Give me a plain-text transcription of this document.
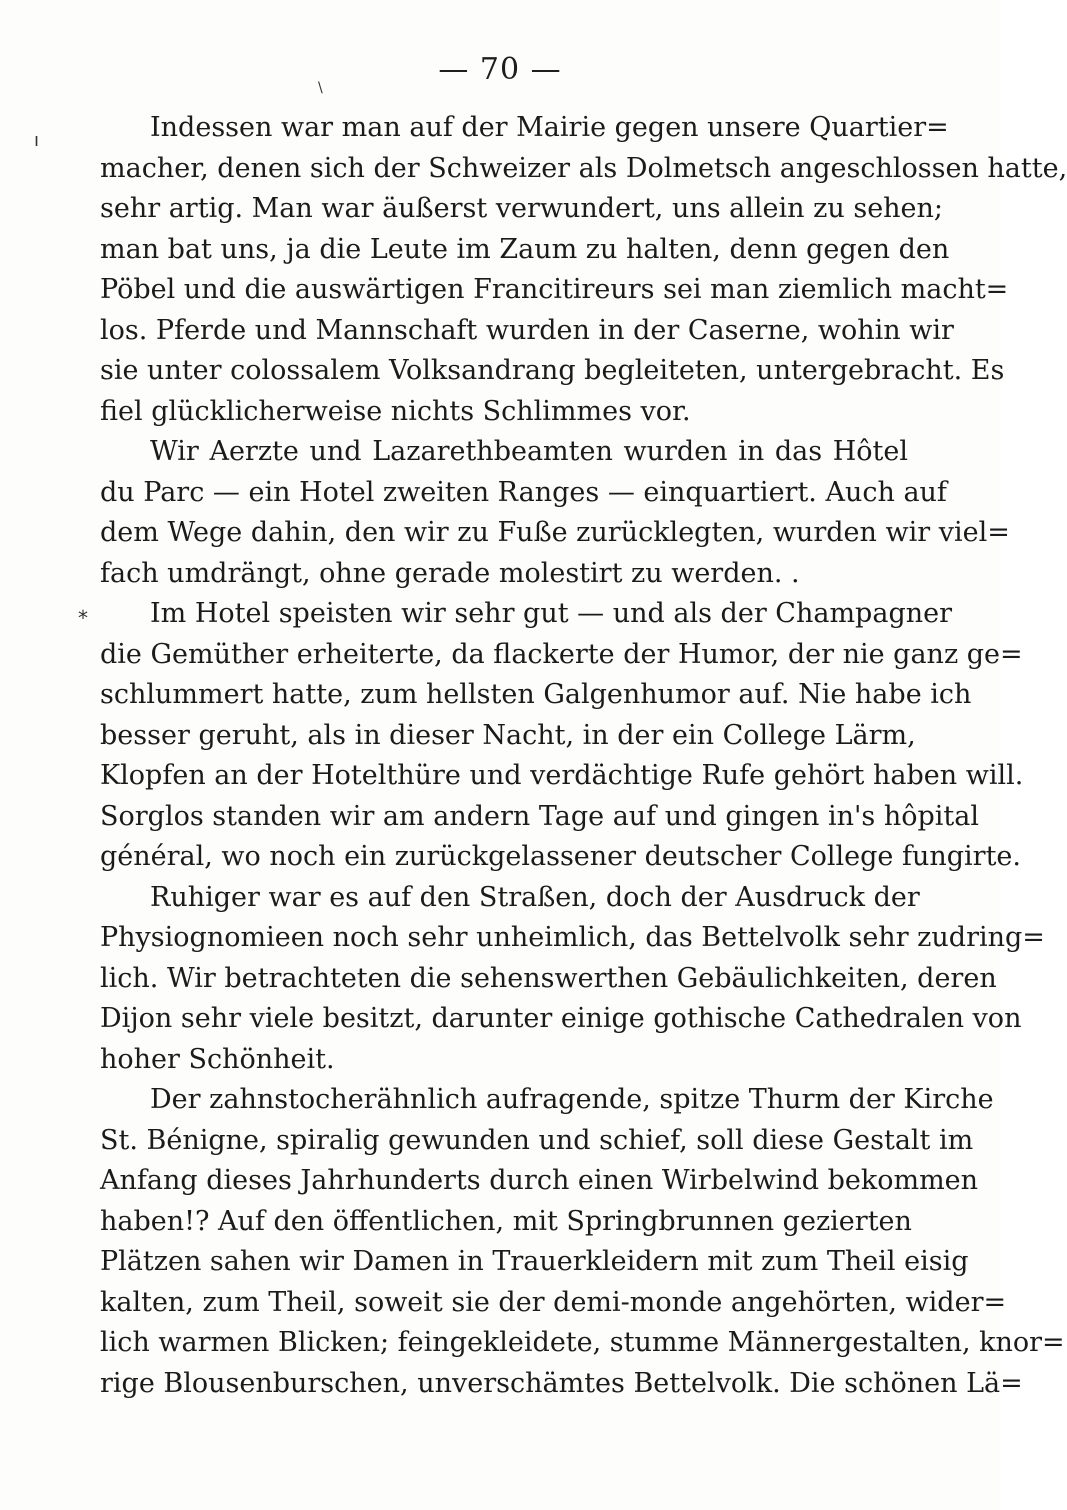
\
— 70 —
ı
*
Indessen war man auf der Mairie gegen unsere Quartier=
macher, denen sich der Schweizer als Dolmetsch angeschlossen hatte,
sehr artig. Man war äußerst verwundert, uns allein zu sehen;
man bat uns, ja die Leute im Zaum zu halten, denn gegen den
Pöbel und die auswärtigen Francitireurs sei man ziemlich macht=
los. Pferde und Mannschaft wurden in der Caserne, wohin wir
sie unter colossalem Volksandrang begleiteten, untergebracht. Es
fiel glücklicherweise nichts Schlimmes vor.
Wir Aerzte und Lazarethbeamten wurden in das Hôtel
du Parc — ein Hotel zweiten Ranges — einquartiert. Auch auf
dem Wege dahin, den wir zu Fuße zurücklegten, wurden wir viel=
fach umdrängt, ohne gerade molestirt zu werden. .
Im Hotel speisten wir sehr gut — und als der Champagner
die Gemüther erheiterte, da flackerte der Humor, der nie ganz ge=
schlummert hatte, zum hellsten Galgenhumor auf. Nie habe ich
besser geruht, als in dieser Nacht, in der ein College Lärm,
Klopfen an der Hotelthüre und verdächtige Rufe gehört haben will.
Sorglos standen wir am andern Tage auf und gingen in's hôpital
général, wo noch ein zurückgelassener deutscher College fungirte.
Ruhiger war es auf den Straßen, doch der Ausdruck der
Physiognomieen noch sehr unheimlich, das Bettelvolk sehr zudring=
lich. Wir betrachteten die sehenswerthen Gebäulichkeiten, deren
Dijon sehr viele besitzt, darunter einige gothische Cathedralen von
hoher Schönheit.
Der zahnstocherähnlich aufragende, spitze Thurm der Kirche
St. Bénigne, spiralig gewunden und schief, soll diese Gestalt im
Anfang dieses Jahrhunderts durch einen Wirbelwind bekommen
haben!? Auf den öffentlichen, mit Springbrunnen gezierten
Plätzen sahen wir Damen in Trauerkleidern mit zum Theil eisig
kalten, zum Theil, soweit sie der demi-monde angehörten, wider=
lich warmen Blicken; feingekleidete, stumme Männergestalten, knor=
rige Blousenburschen, unverschämtes Bettelvolk. Die schönen Lä=
